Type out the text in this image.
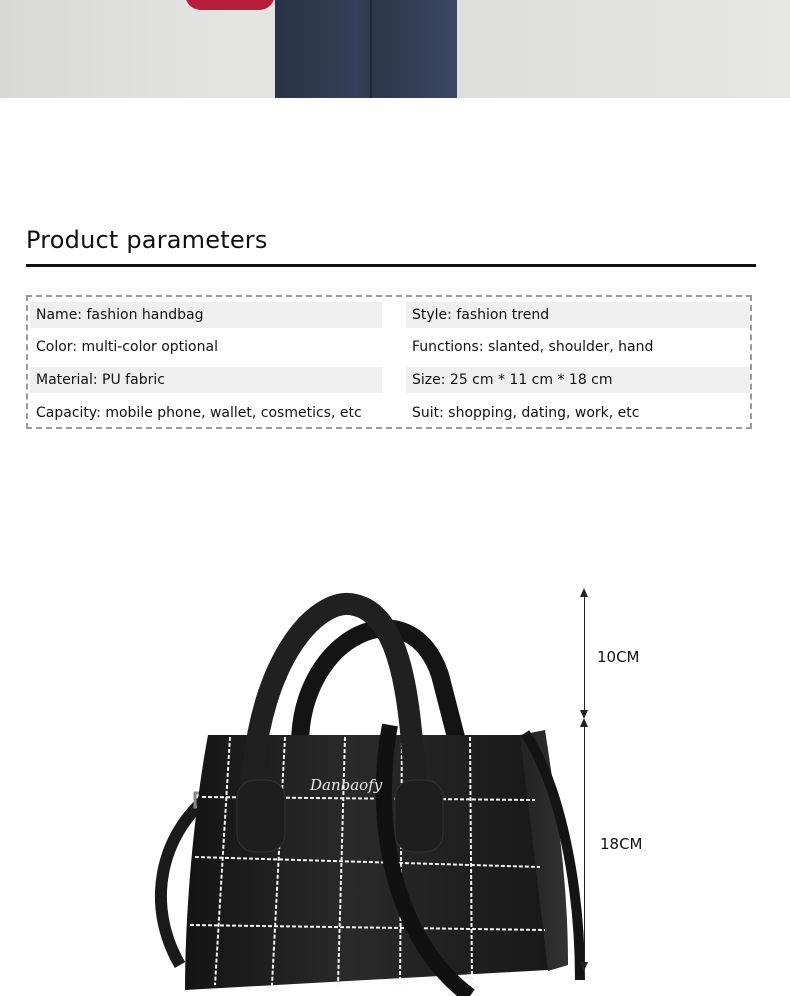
Product parameters
Name: fashion handbag	Style: fashion trend
Color: multi-color optional	Functions: slanted, shoulder, hand
Material: PU fabric	Size: 25 cm * 11 cm * 18 cm
Capacity: mobile phone, wallet, cosmetics, etc	Suit: shopping, dating, work, etc
Danbaofy
10CM
18CM
